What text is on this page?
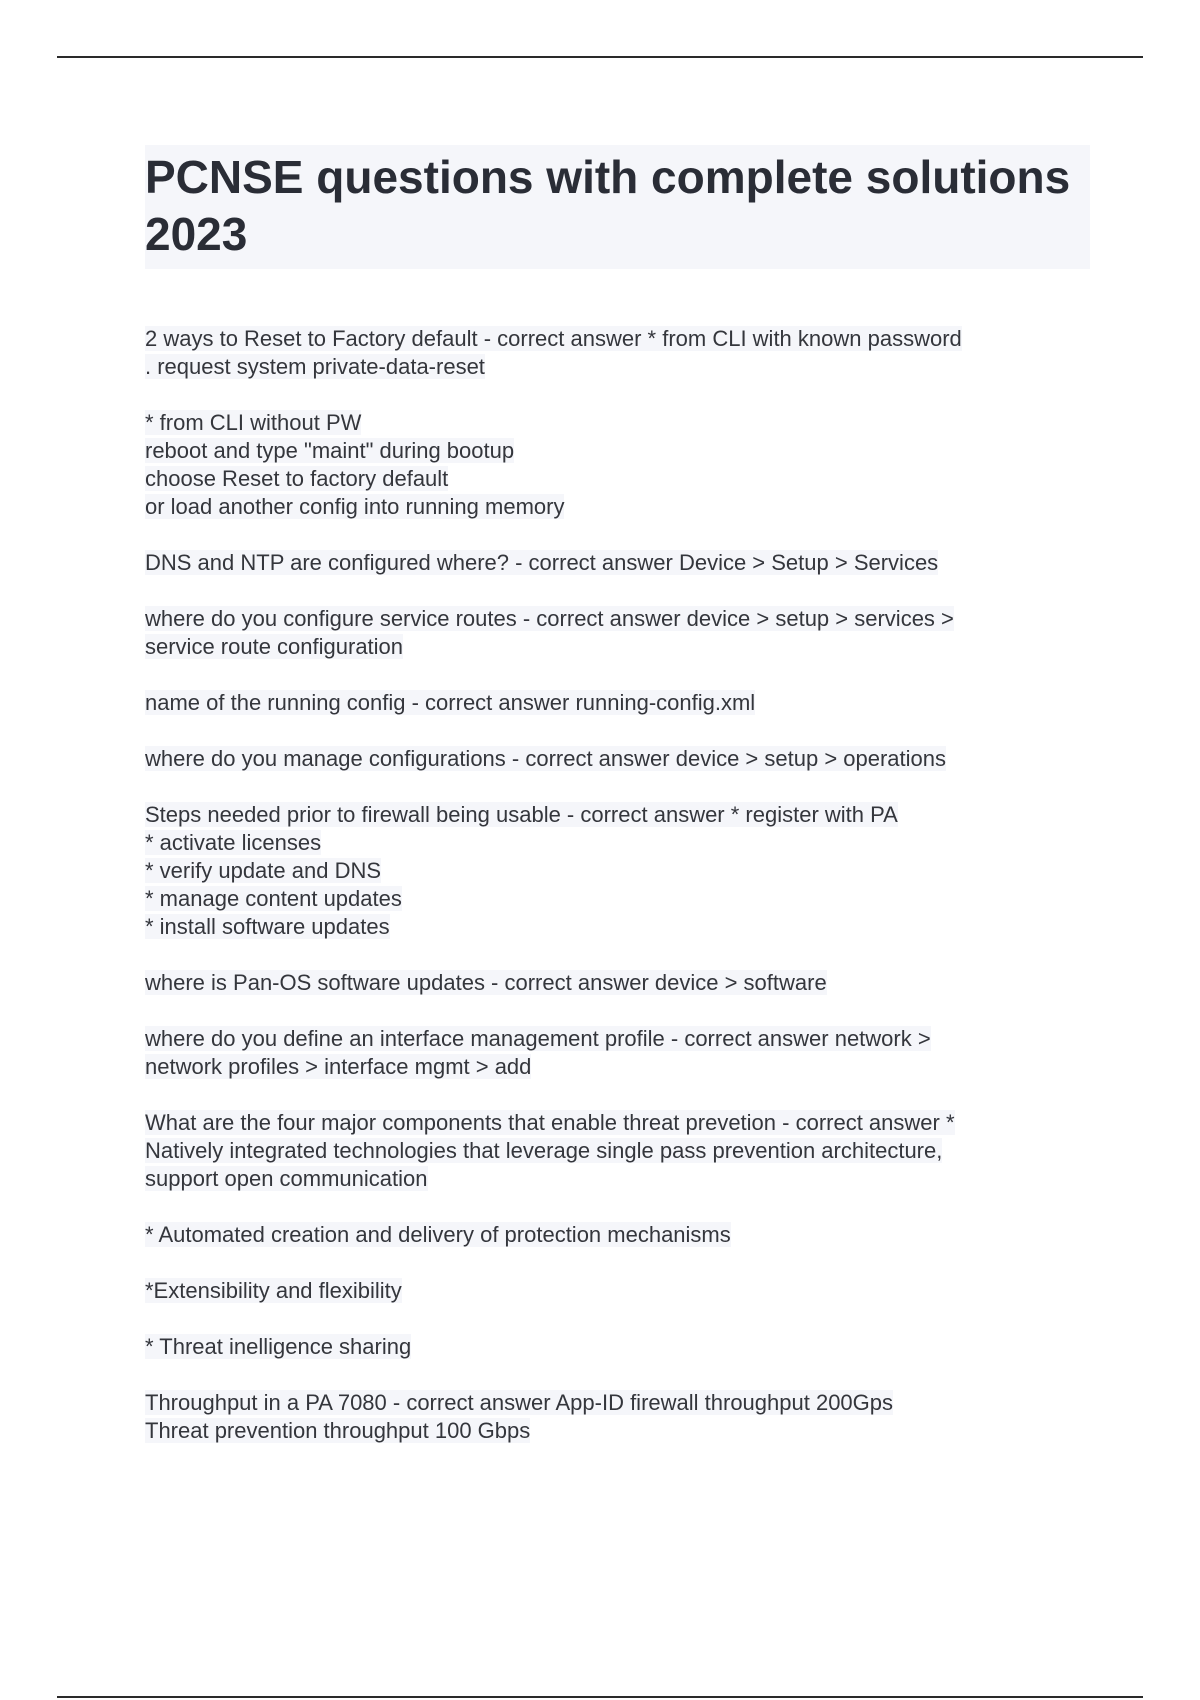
PCNSE questions with complete solutions 2023
2 ways to Reset to Factory default - correct answer * from CLI with known password
. request system private-data-reset
* from CLI without PW
reboot and type "maint" during bootup
choose Reset to factory default
or load another config into running memory
DNS and NTP are configured where? - correct answer Device > Setup > Services
where do you configure service routes - correct answer device > setup > services >
service route configuration
name of the running config - correct answer running-config.xml
where do you manage configurations - correct answer device > setup > operations
Steps needed prior to firewall being usable - correct answer * register with PA
* activate licenses
* verify update and DNS
* manage content updates
* install software updates
where is Pan-OS software updates - correct answer device > software
where do you define an interface management profile - correct answer network >
network profiles > interface mgmt > add
What are the four major components that enable threat prevetion - correct answer *
Natively integrated technologies that leverage single pass prevention architecture,
support open communication
* Automated creation and delivery of protection mechanisms
*Extensibility and flexibility
* Threat inelligence sharing
Throughput in a PA 7080 - correct answer App-ID firewall throughput 200Gps
Threat prevention throughput 100 Gbps
